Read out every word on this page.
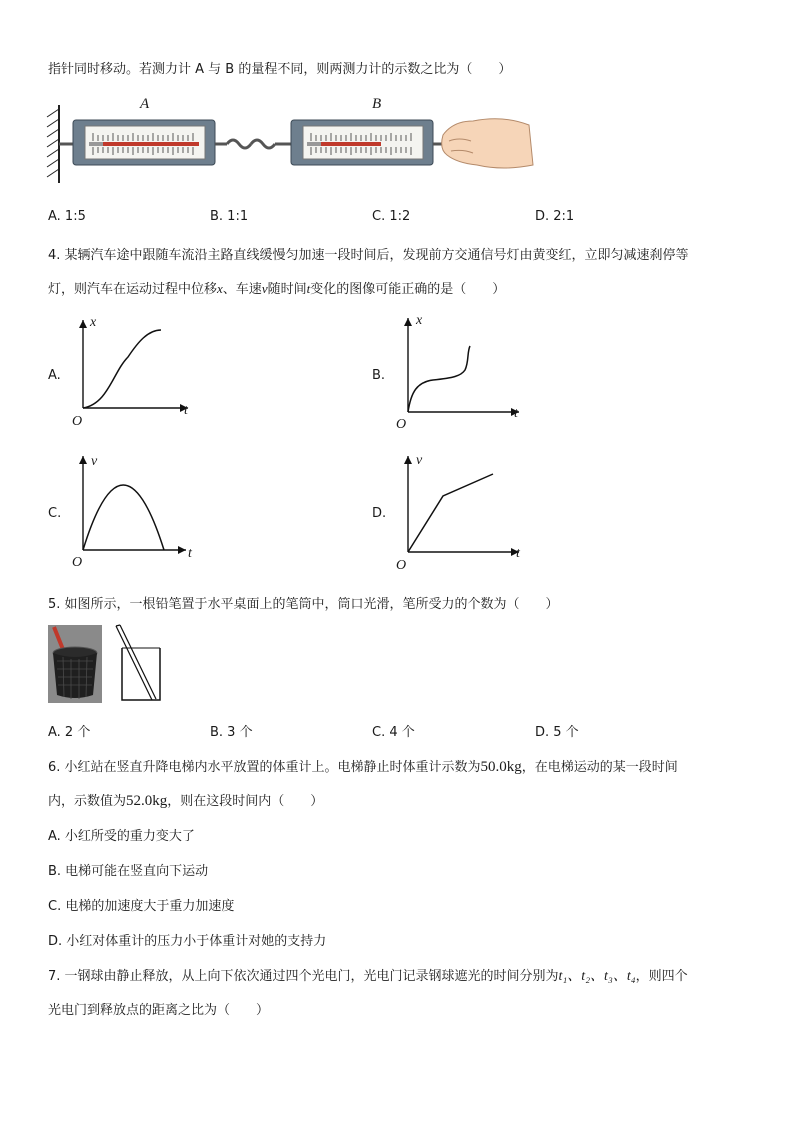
指针同时移动。若测力计 A 与 B 的量程不同，则两测力计的示数之比为（　　）
A	B
A. 1:5	B. 1:1	C. 1:2	D. 2:1
4. 某辆汽车途中跟随车流沿主路直线缓慢匀加速一段时间后，发现前方交通信号灯由黄变红，立即匀减速刹停等
灯，则汽车在运动过程中位移x、车速v随时间t变化的图像可能正确的是（　　）
A.
x
t
O
B.
x
t
O
C.
v
t
O
D.
v
t
O
5. 如图所示，一根铅笔置于水平桌面上的笔筒中，筒口光滑，笔所受力的个数为（　　）
A. 2 个	B. 3 个	C. 4 个	D. 5 个
6. 小红站在竖直升降电梯内水平放置的体重计上。电梯静止时体重计示数为50.0kg，在电梯运动的某一段时间
内，示数值为52.0kg，则在这段时间内（　　）
A. 小红所受的重力变大了
B. 电梯可能在竖直向下运动
C. 电梯的加速度大于重力加速度
D. 小红对体重计的压力小于体重计对她的支持力
7. 一钢球由静止释放，从上向下依次通过四个光电门，光电门记录钢球遮光的时间分别为t₁、t₂、t₃、t₄，则四个
光电门到释放点的距离之比为（　　）
